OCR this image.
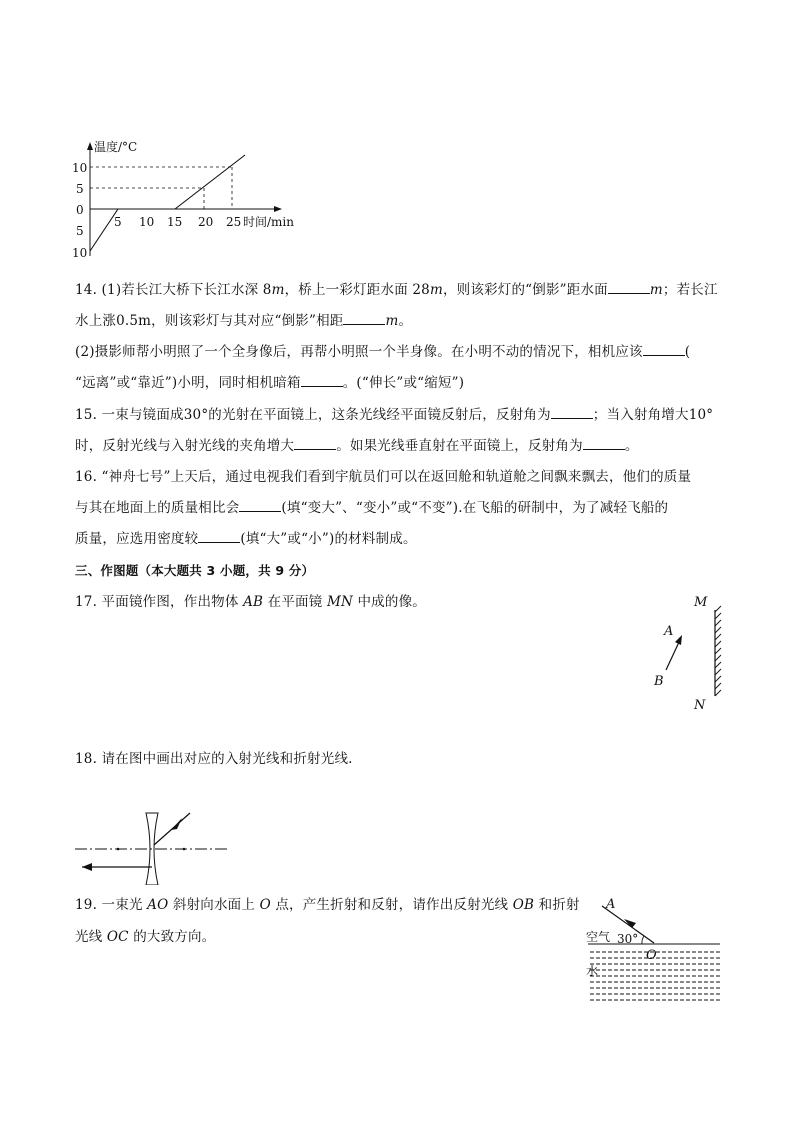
10
5
0
5
10
5 10 15 20 25
温度/°C
时间/min
14. (1)若长江大桥下长江水深 8m，桥上一彩灯距水面 28m，则该彩灯的“倒影”距水面	m；若长江
水上涨0.5m，则该彩灯与其对应“倒影”相距	m。
(2)摄影师帮小明照了一个全身像后，再帮小明照一个半身像。在小明不动的情况下，相机应该	(
“远离”或“靠近”)小明，同时相机暗箱	。(“伸长”或“缩短”)
15. 一束与镜面成30°的光射在平面镜上，这条光线经平面镜反射后，反射角为	；当入射角增大10°
时，反射光线与入射光线的夹角增大	。如果光线垂直射在平面镜上，反射角为	。
16. “神舟七号”上天后，通过电视我们看到宇航员们可以在返回舱和轨道舱之间飘来飘去，他们的质量
与其在地面上的质量相比会	(填“变大”、“变小”或“不变”).在飞船的研制中，为了减轻飞船的
质量，应选用密度较	(填“大”或“小”)的材料制成。
三、作图题（本大题共 3 小题，共 9 分）
17. 平面镜作图，作出物体 AB 在平面镜 MN 中成的像。	M
N
A
B
18. 请在图中画出对应的入射光线和折射光线.
19. 一束光 AO 斜射向水面上 O 点，产生折射和反射，请作出反射光线 OB 和折射
光线 OC 的大致方向。
A
空气 30°
O
水
